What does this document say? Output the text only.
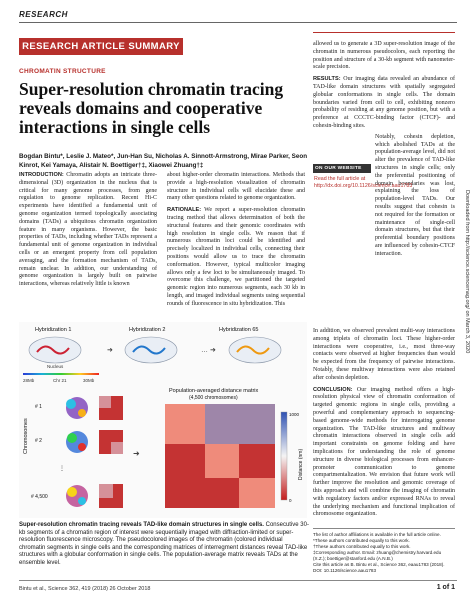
RESEARCH
RESEARCH ARTICLE SUMMARY
CHROMATIN STRUCTURE
Super-resolution chromatin tracing reveals domains and cooperative interactions in single cells
Bogdan Bintu*, Leslie J. Mateo*, Jun-Han Su, Nicholas A. Sinnott-Armstrong, Mirae Parker, Seon Kinrot, Kei Yamaya, Alistair N. Boettiger†‡, Xiaowei Zhuang†‡
INTRODUCTION: Chromatin adopts an intricate three-dimensional (3D) organization in the nucleus that is critical for many genome processes, from gene regulation to genome replication. Recent Hi-C experiments have identified a fundamental unit of genome organization termed topologically associating domains (TADs) a ubiquitous chromatin organization feature in many organisms. However, the basic properties of TADs, including whether TADs represent a fundamental unit of genome organization in individual cells or an emergent property from cell population averaging, and the formation mechanism of TADs, remain unclear. In addition, our understanding of genome organization is largely built on pairwise interactions, whereas relatively little is known
about higher-order chromatin interactions. Methods that provide a high-resolution visualization of chromatin structure in individual cells will elucidate these and many other questions related to genome organization.
RATIONALE: We report a super-resolution chromatin tracing method that allows determination of both the structural features and their genomic coordinates with high resolution in single cells. We reason that if numerous chromatin loci could be identified and precisely localized in individual cells, connecting their positions would allow us to trace the chromatin conformation. However, typical multicolor imaging allows only a few loci to be simultaneously imaged. To overcome this challenge, we partitioned the targeted genomic region into numerous segments, each 30 kb in length, and imaged individual segments using sequential rounds of fluorescence in situ hybridization. This
allowed us to generate a 3D super-resolution image of the chromatin in numerous pseudocolors, each reporting the position and structure of a 30-kb segment with nanometer-scale precision.
RESULTS: Our imaging data revealed an abundance of TAD-like domain structures with spatially segregated globular conformations in single cells. The domain boundaries varied from cell to cell, exhibiting nonzero probability of residing at any genome position, but with a preference at CCCTC-binding factor (CTCF)- and cohesin-binding sites.
Notably, cohesin depletion, which abolished TADs at the population-average level, did not alter the prevalence of TAD-like structures in single cells; only the preferential positioning of domain boundaries was lost, explaining the loss of population-level TADs. Our results suggest that cohesin is not required for the formation or maintenance of single-cell domain structures, but that their preferential boundary positions are influenced by cohesin-CTCF interaction.
ON OUR WEBSITE
Read the full article at http://dx.doi.org/10.1126/science.aau1783
In addition, we observed prevalent multi-way interactions among triplets of chromatin loci. These higher-order interactions were cooperative, i.e., most three-way contacts were observed at higher frequencies than would be expected from the frequency of pairwise interactions. Notably, these multiway interactions were also retained after cohesin depletion.
CONCLUSION: Our imaging method offers a high-resolution physical view of chromatin conformation of targeted genomic regions in single cells, providing a powerful and complementary approach to sequencing-based genome-wide methods for interrogating genome organization. The TAD-like structures and multiway chromatin interactions observed in single cells add important constraints on genome folding and have implications for understanding the role of genome structure in diverse biological processes from enhancer-promoter communication to genome compartmentalization. We envision that future work will further improve the resolution and genomic coverage of this approach and will combine the imaging of chromatin with regulatory factors and/or expressed RNAs to reveal the underlying mechanism and functional implication of chromosome organization.
Downloaded from http://science.sciencemag.org/ on March 3, 2020
Hybridization 1
Nucleus
Hybridization 2	Hybridization 65
➜	… ➜
28Mb	Chr 21	30Mb
Chromosomes
# 1
# 2
⋮
# 4,500
Population-averaged distance matrix
(4,500 chromosomes)
1000
0
Distance (nm)
➜
Super-resolution chromatin tracing reveals TAD-like domain structures in single cells. Consecutive 30-kb segments of a chromatin region of interest were sequentially imaged with diffraction-limited or super-resolution fluorescence microscopy. The pseudocolored images of the chromatin (colored individual chromatin segments in single cells and the corresponding matrices of interregment distances reveal TAD-like structures with a globular conformation in single cells. The population-average matrix reveals TADs at the ensemble level.
The list of author affiliations is available in the full article online.
*These authors contributed equally to this work.
†These authors contributed equally to this work.
‡Corresponding author. Email: zhuang@chemistry.harvard.edu (X.Z.); boettiger@stanford.edu (A.N.B.)
Cite this article as B. Bintu et al., Science 362, eaau1783 (2018). DOI: 10.1126/science.aau1783
Bintu et al., Science 362, 419 (2018) 26 October 2018	1 of 1
